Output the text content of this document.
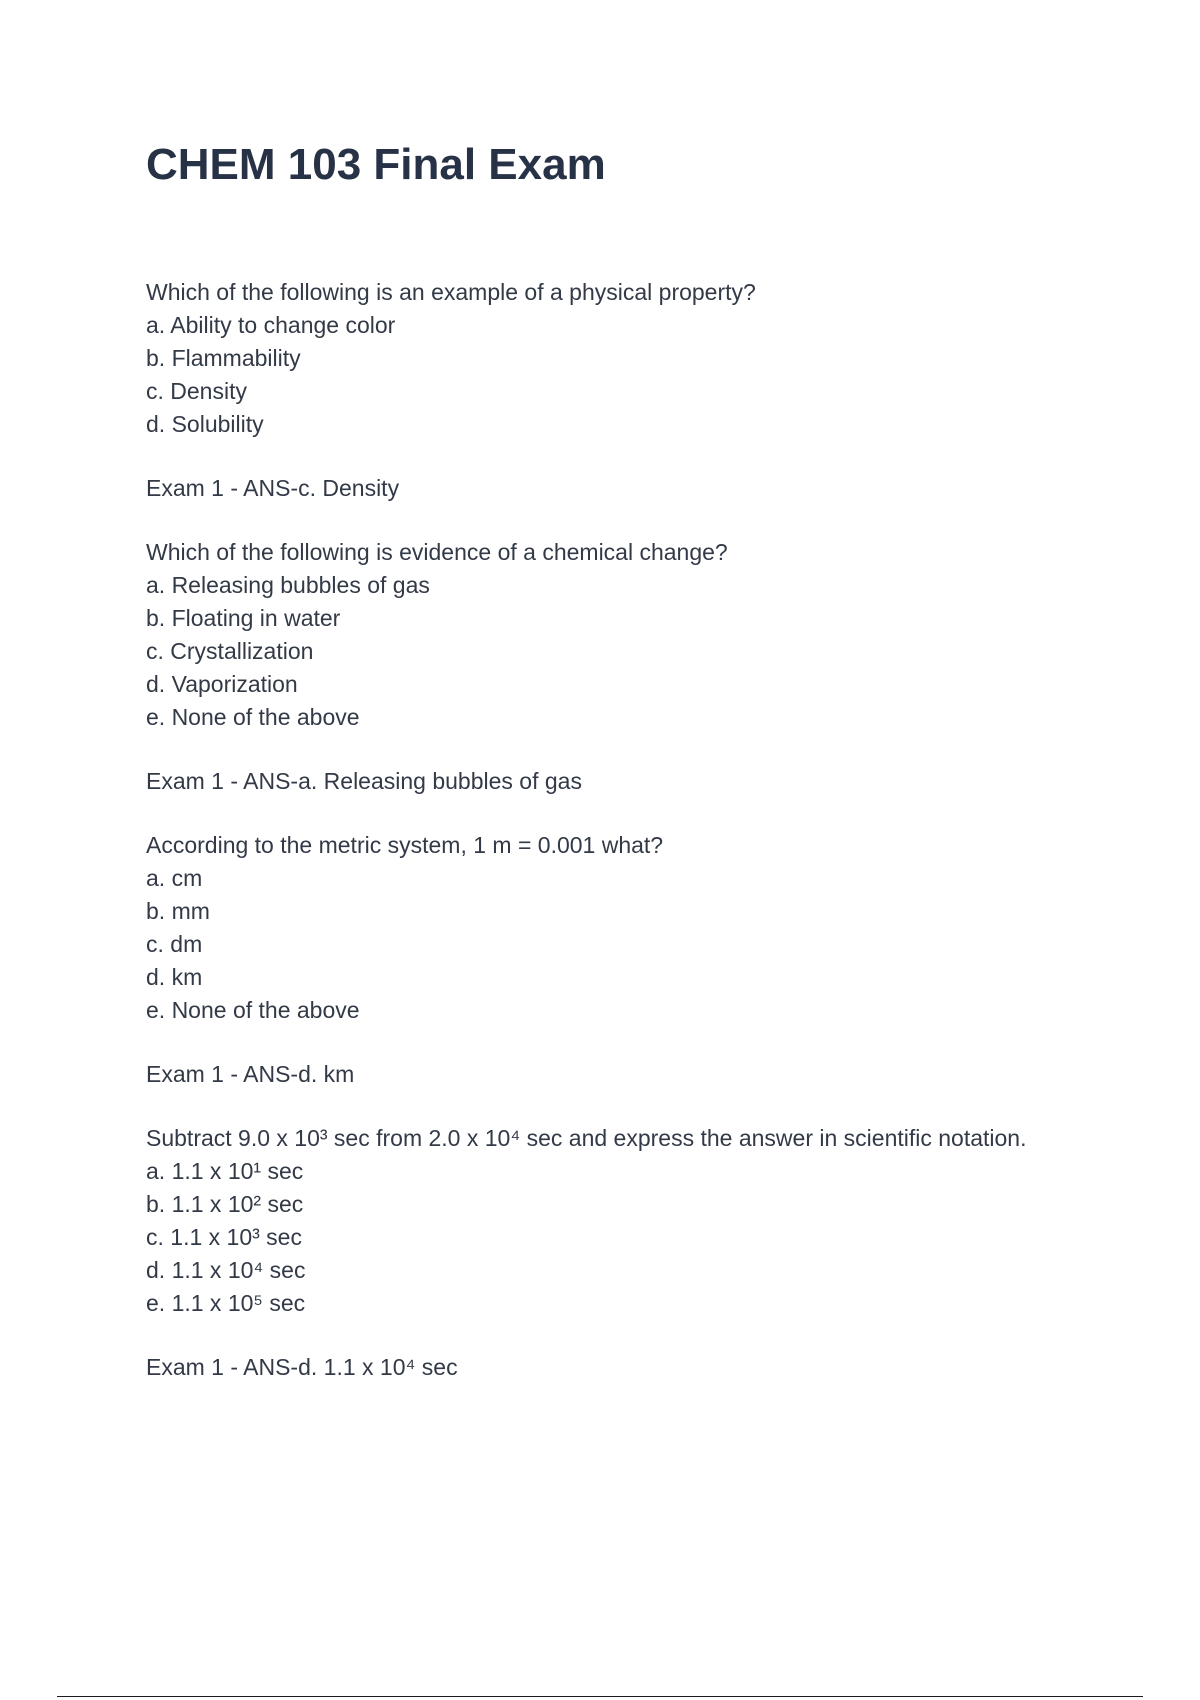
CHEM 103 Final Exam
Which of the following is an example of a physical property?
a. Ability to change color
b. Flammability
c. Density
d. Solubility
Exam 1 - ANS-c. Density
Which of the following is evidence of a chemical change?
a. Releasing bubbles of gas
b. Floating in water
c. Crystallization
d. Vaporization
e. None of the above
Exam 1 - ANS-a. Releasing bubbles of gas
According to the metric system, 1 m = 0.001 what?
a. cm
b. mm
c. dm
d. km
e. None of the above
Exam 1 - ANS-d. km
Subtract 9.0 x 10³ sec from 2.0 x 10⁴ sec and express the answer in scientific notation.
a. 1.1 x 10¹ sec
b. 1.1 x 10² sec
c. 1.1 x 10³ sec
d. 1.1 x 10⁴ sec
e. 1.1 x 10⁵ sec
Exam 1 - ANS-d. 1.1 x 10⁴ sec
